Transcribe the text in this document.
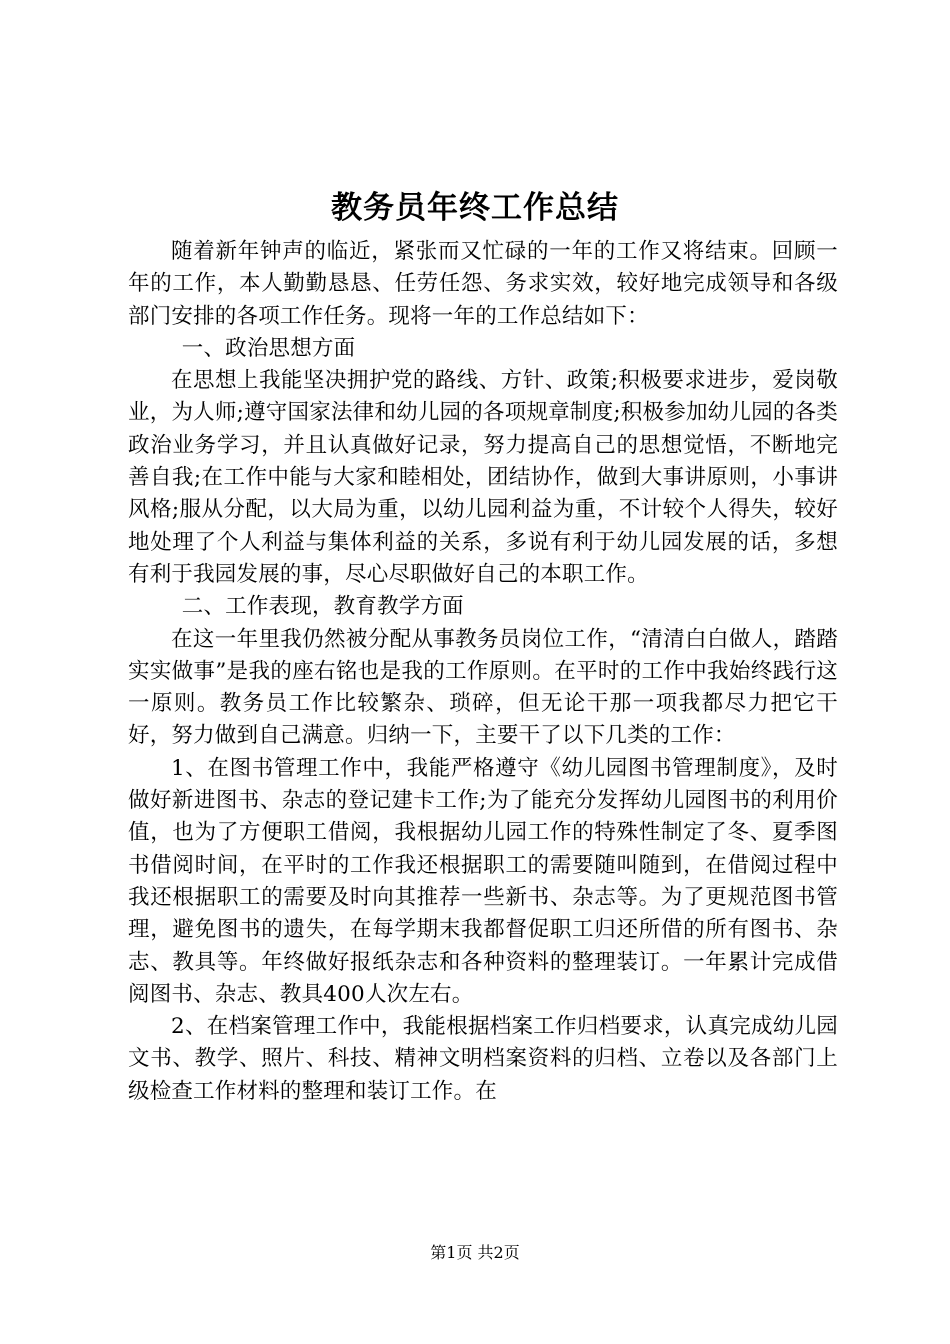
教务员年终工作总结

随着新年钟声的临近，紧张而又忙碌的一年的工作又将结束。回顾一年的工作，本人勤勤恳恳、任劳任怨、务求实效，较好地完成领导和各级部门安排的各项工作任务。现将一年的工作总结如下：

一、政治思想方面

在思想上我能坚决拥护党的路线、方针、政策;积极要求进步，爱岗敬业，为人师;遵守国家法律和幼儿园的各项规章制度;积极参加幼儿园的各类政治业务学习，并且认真做好记录，努力提高自己的思想觉悟，不断地完善自我;在工作中能与大家和睦相处，团结协作，做到大事讲原则，小事讲风格;服从分配，以大局为重，以幼儿园利益为重，不计较个人得失，较好地处理了个人利益与集体利益的关系，多说有利于幼儿园发展的话，多想有利于我园发展的事，尽心尽职做好自己的本职工作。

二、工作表现，教育教学方面

在这一年里我仍然被分配从事教务员岗位工作，“清清白白做人，踏踏实实做事”是我的座右铭也是我的工作原则。在平时的工作中我始终践行这一原则。教务员工作比较繁杂、琐碎，但无论干那一项我都尽力把它干好，努力做到自己满意。归纳一下，主要干了以下几类的工作：

1、在图书管理工作中，我能严格遵守《幼儿园图书管理制度》，及时做好新进图书、杂志的登记建卡工作;为了能充分发挥幼儿园图书的利用价值，也为了方便职工借阅，我根据幼儿园工作的特殊性制定了冬、夏季图书借阅时间，在平时的工作我还根据职工的需要随叫随到，在借阅过程中我还根据职工的需要及时向其推荐一些新书、杂志等。为了更规范图书管理，避免图书的遗失，在每学期末我都督促职工归还所借的所有图书、杂志、教具等。年终做好报纸杂志和各种资料的整理装订。一年累计完成借阅图书、杂志、教具400人次左右。

2、在档案管理工作中，我能根据档案工作归档要求，认真完成幼儿园文书、教学、照片、科技、精神文明档案资料的归档、立卷以及各部门上级检查工作材料的整理和装订工作。在

第1页 共2页
